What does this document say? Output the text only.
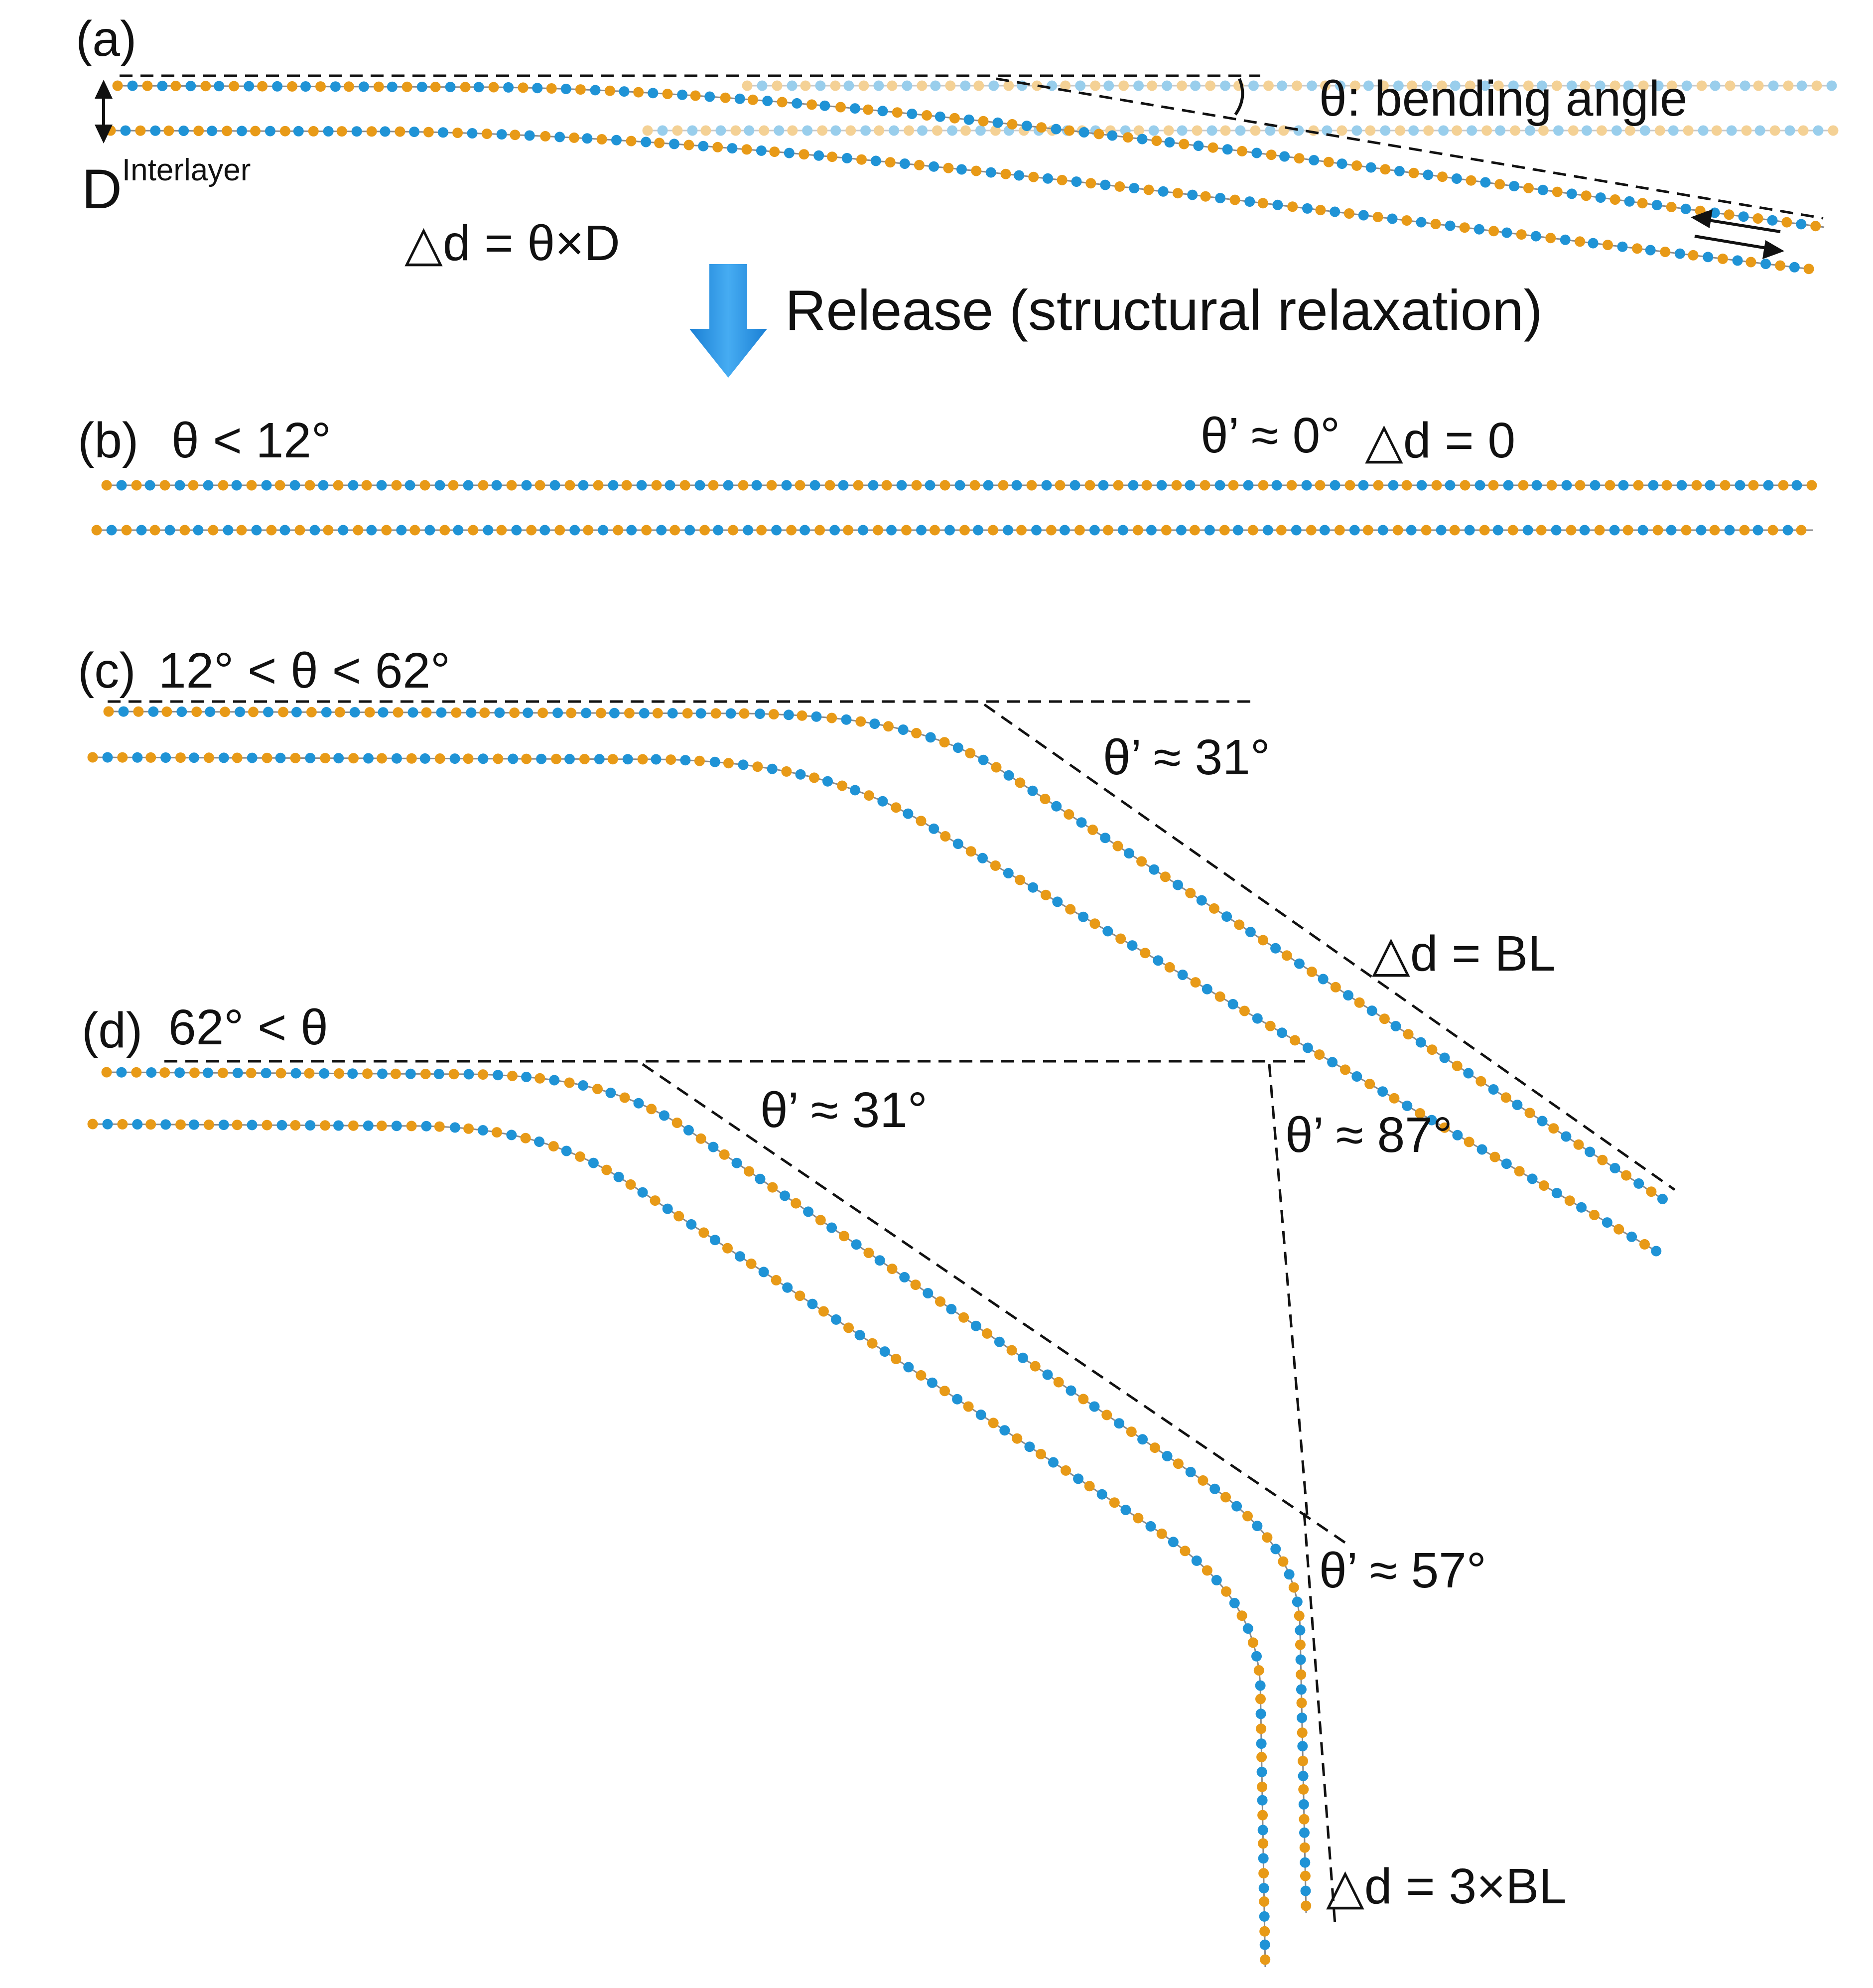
(a)
θ: bending angle
$D^{Interlayer}$
△d = θ×D
Release (structural relaxation)
(b) θ < 12°	θ’ ≈ 0° △d = 0
(c) 12° < θ < 62°
θ’ ≈ 31°
△d = BL
(d) 62° < θ
θ’ ≈ 31°	θ’ ≈ 87°
θ’ ≈ 57°
△d = 3×BL
